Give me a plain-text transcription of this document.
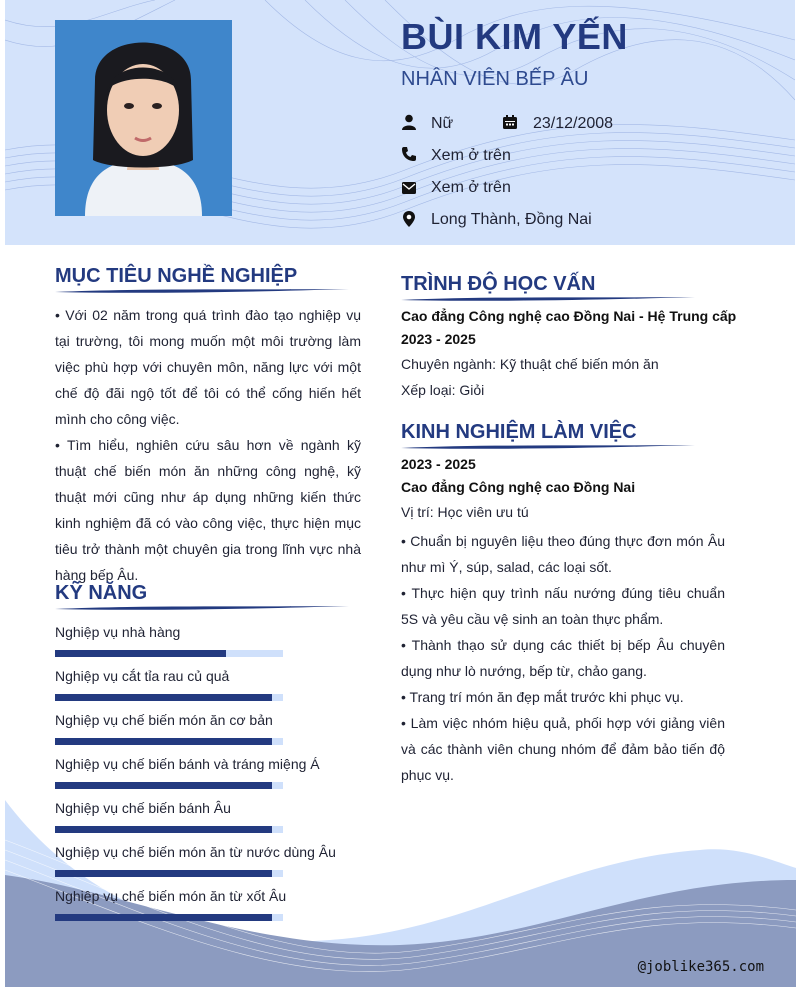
BÙI KIM YẾN
NHÂN VIÊN BẾP ÂU
Nữ	23/12/2008
Xem ở trên
Xem ở trên
Long Thành, Đồng Nai
MỤC TIÊU NGHỀ NGHIỆP
• Với 02 năm trong quá trình đào tạo nghiệp vụ tại trường, tôi mong muốn một môi trường làm việc phù hợp với chuyên môn, năng lực với một chế độ đãi ngộ tốt để tôi có thể cống hiến hết mình cho công việc.
• Tìm hiểu, nghiên cứu sâu hơn về ngành kỹ thuật chế biến món ăn những công nghệ, kỹ thuật mới cũng như áp dụng những kiến thức kinh nghiệm đã có vào công việc, thực hiện mục tiêu trở thành một chuyên gia trong lĩnh vực nhà hàng bếp Âu.
KỸ NĂNG
Nghiệp vụ nhà hàng
Nghiệp vụ cắt tỉa rau củ quả
Nghiệp vụ chế biến món ăn cơ bản
Nghiệp vụ chế biến bánh và tráng miệng Á
Nghiệp vụ chế biến bánh Âu
Nghiệp vụ chế biến món ăn từ nước dùng Âu
Nghiệp vụ chế biến món ăn từ xốt Âu
TRÌNH ĐỘ HỌC VẤN
Cao đẳng Công nghệ cao Đồng Nai - Hệ Trung cấp
2023 - 2025
Chuyên ngành: Kỹ thuật chế biến món ăn
Xếp loại: Giỏi
KINH NGHIỆM LÀM VIỆC
2023 - 2025
Cao đẳng Công nghệ cao Đồng Nai
Vị trí: Học viên ưu tú
• Chuẩn bị nguyên liệu theo đúng thực đơn món Âu như mì Ý, súp, salad, các loại sốt.
• Thực hiện quy trình nấu nướng đúng tiêu chuẩn 5S và yêu cầu vệ sinh an toàn thực phẩm.
• Thành thạo sử dụng các thiết bị bếp Âu chuyên dụng như lò nướng, bếp từ, chảo gang.
• Trang trí món ăn đẹp mắt trước khi phục vụ.
• Làm việc nhóm hiệu quả, phối hợp với giảng viên và các thành viên chung nhóm để đảm bảo tiến độ phục vụ.
@joblike365.com
